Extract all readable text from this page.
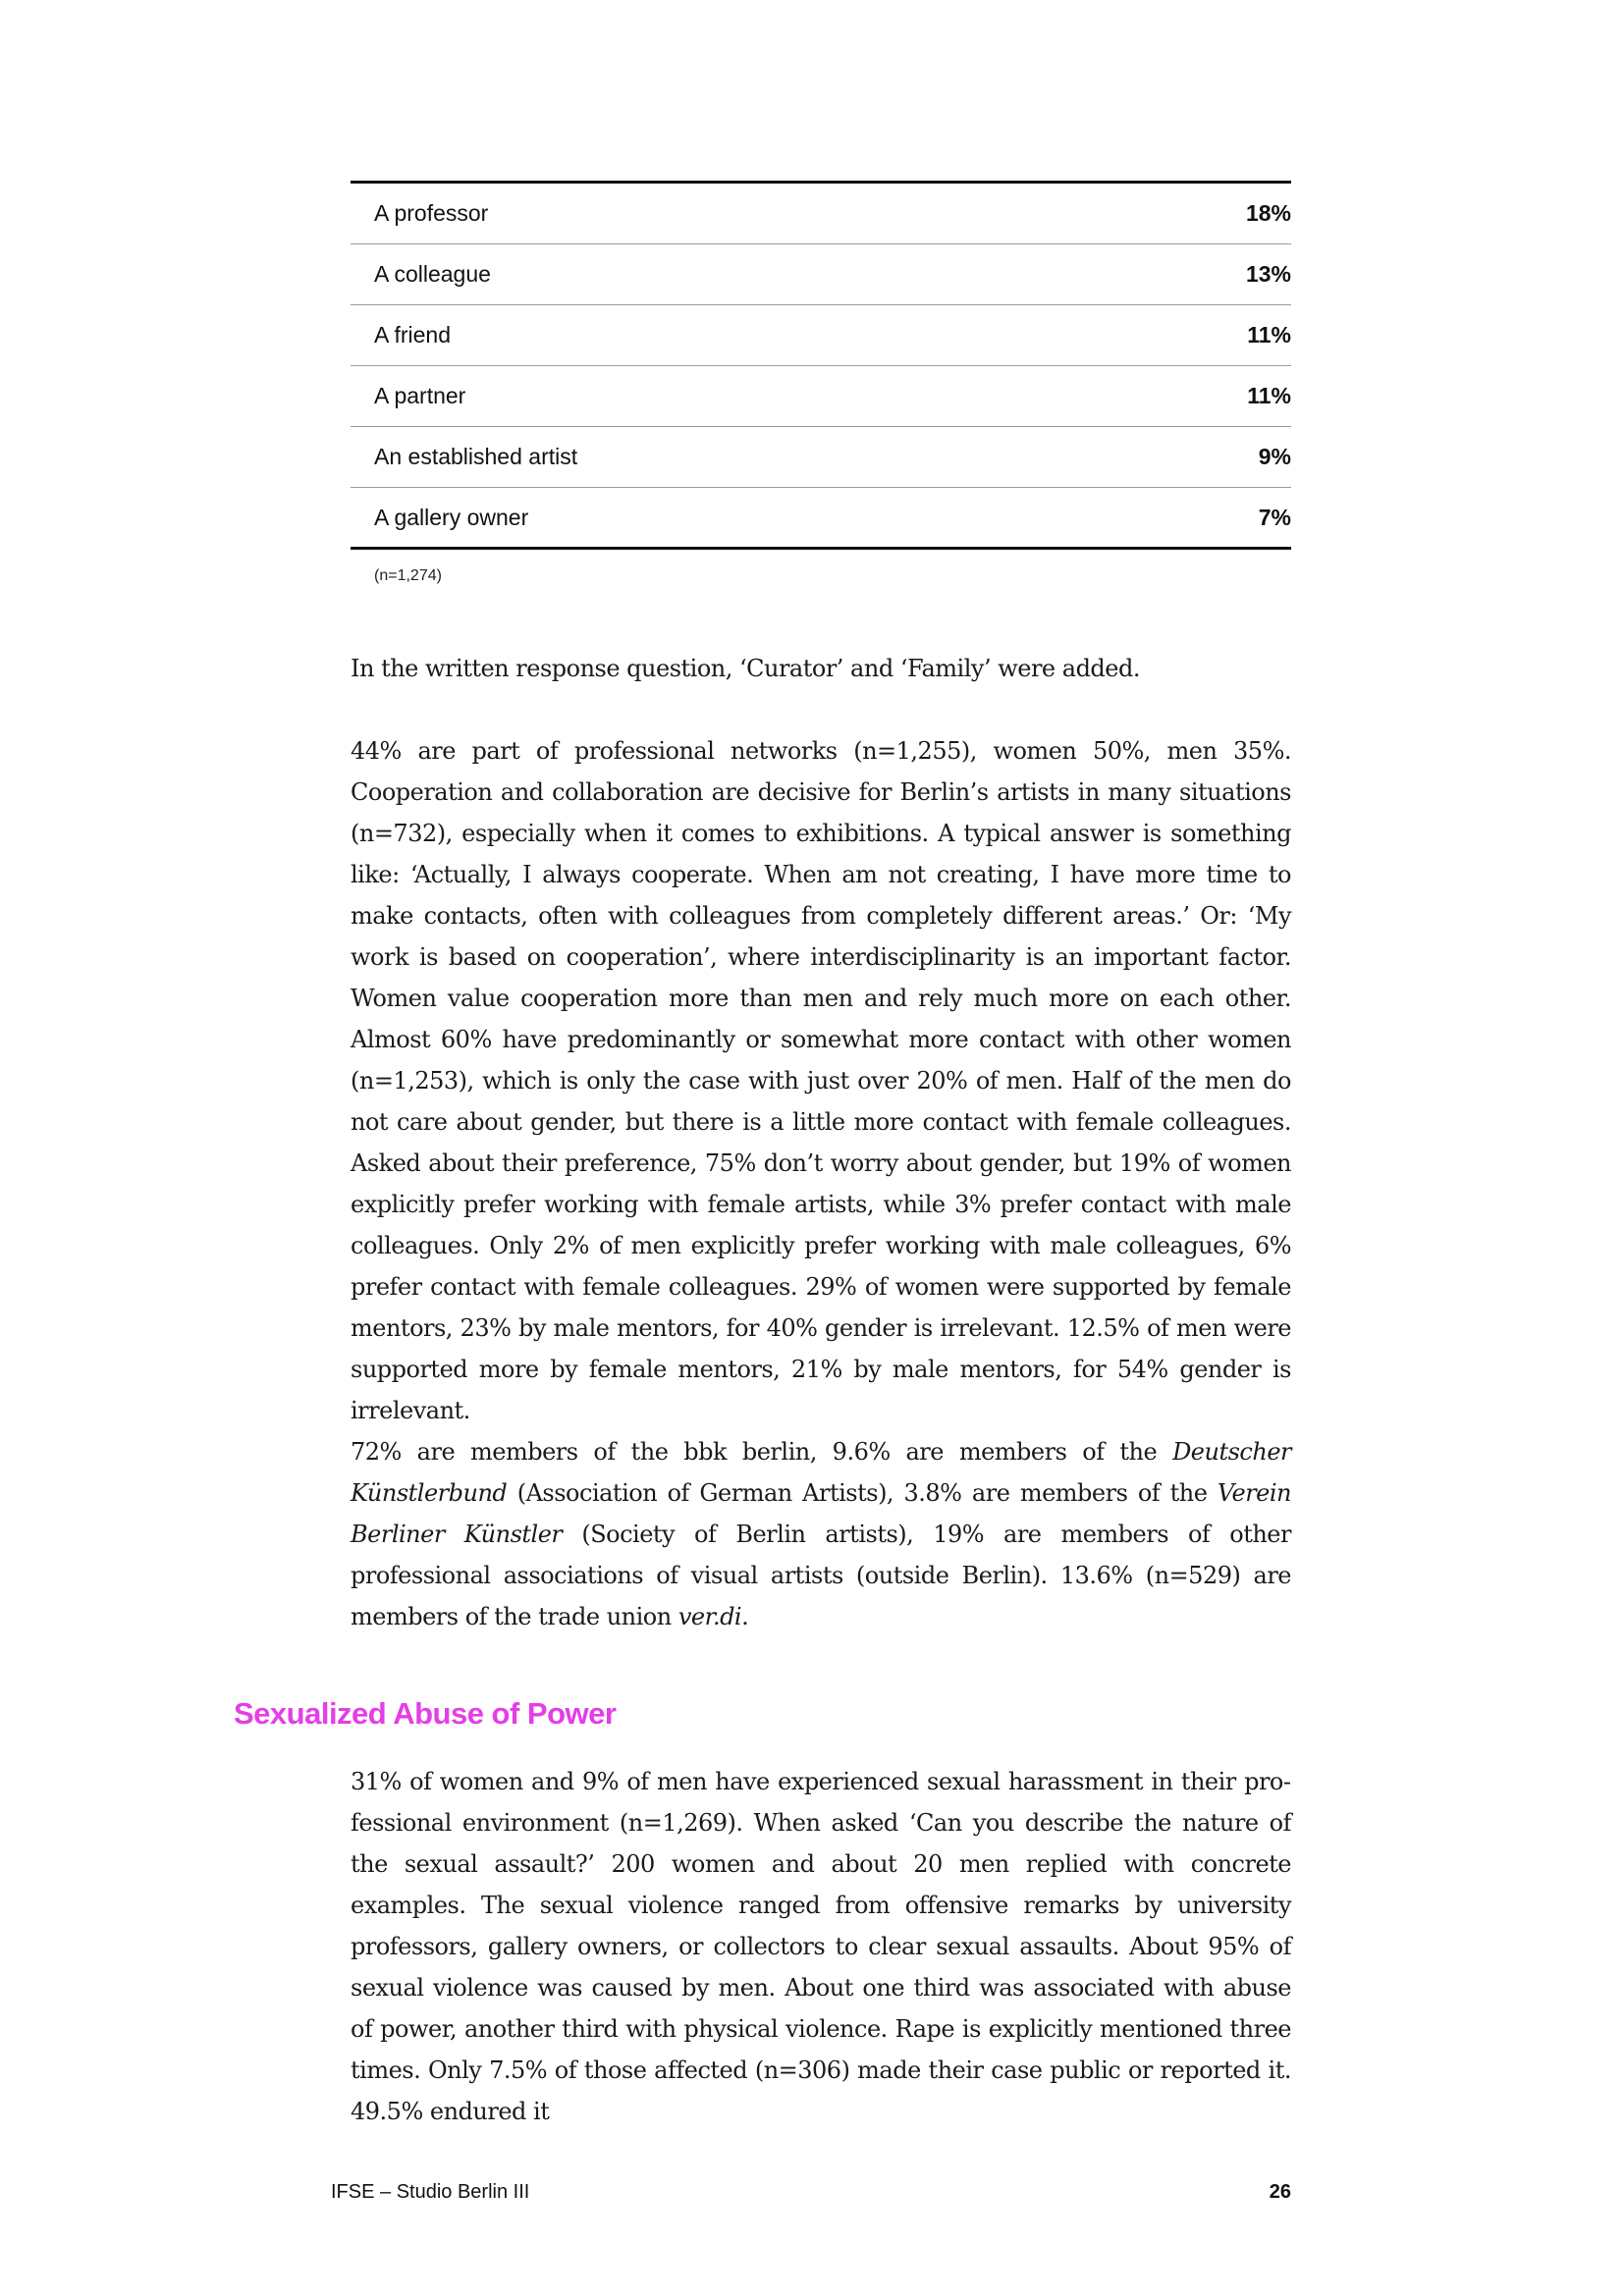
A professor	18%
A colleague	13%
A friend	11%
A partner	11%
An established artist	9%
A gallery owner	7%
(n=1,274)

In the written response question, ‘Curator’ and ‘Family’ were added.

44% are part of professional networks (n=1,255), women 50%, men 35%. Cooperation and collaboration are decisive for Berlin’s artists in many situations (n=732), especially when it comes to exhibitions. A typical answer is something like: ‘Actually, I always cooperate. When am not creating, I have more time to make contacts, often with colleagues from completely different areas.’ Or: ‘My work is based on cooperation’, where interdisciplinarity is an important factor. Women value cooperation more than men and rely much more on each other. Almost 60% have predominantly or somewhat more contact with other women (n=1,253), which is only the case with just over 20% of men. Half of the men do not care about gender, but there is a little more contact with female colleagues. Asked about their preference, 75% don’t worry about gender, but 19% of women explicitly prefer working with female artists, while 3% prefer contact with male colleagues. Only 2% of men explicitly prefer working with male colleagues, 6% prefer contact with female colleagues. 29% of women were supported by female mentors, 23% by male mentors, for 40% gender is irrelevant. 12.5% of men were supported more by female mentors, 21% by male mentors, for 54% gender is irrelevant.

72% are members of the bbk berlin, 9.6% are members of the Deutscher Künstlerbund (Association of German Artists), 3.8% are members of the Verein Berliner Künstler (Society of Berlin artists), 19% are members of other professional associations of visual artists (outside Berlin). 13.6% (n=529) are members of the trade union ver.di.

Sexualized Abuse of Power

31% of women and 9% of men have experienced sexual harassment in their professional environment (n=1,269). When asked ‘Can you describe the nature of the sexual assault?’ 200 women and about 20 men replied with concrete examples. The sexual violence ranged from offensive remarks by university professors, gallery owners, or collectors to clear sexual assaults. About 95% of sexual violence was caused by men. About one third was associated with abuse of power, another third with physical violence. Rape is explicitly mentioned three times. Only 7.5% of those affected (n=306) made their case public or reported it. 49.5% endured it

IFSE – Studio Berlin III	26
